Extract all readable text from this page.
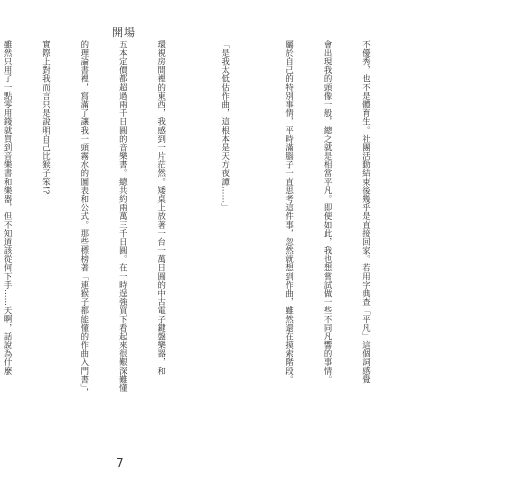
開場

不優秀，也不是體育生。社團活動結束後幾乎是直接回家。若用字典查「平凡」這個詞感覺

會出現我的頭像一般，總之就是相當平凡。即便如此，我也想嘗試做一些不同凡響的事情。

屬於自己的特別事情，平時滿腦子一直思考這件事，忽然就想到作曲，雖然還在摸索階段。

「是我太低估作曲，這根本是天方夜譚……」

環視房間裡的東西，我感到一片茫然。矮桌上放著一台一萬日圓的中古電子鍵盤樂器，和

五本定價都超過兩千日圓的音樂書。總共約兩萬三千日圓。在一時逞強買下看起來很艱深難懂

的理論書裡，寫滿了讓我一頭霧水的圖表和公式。那些標榜著「連猴子都能懂的作曲入門書」，

實際上對我而言只是說明自己比猴子笨!?

雖然只用了一點零用錢就買到音樂書和樂器，但不知道該從何下手……天啊，話說為什麼

7
